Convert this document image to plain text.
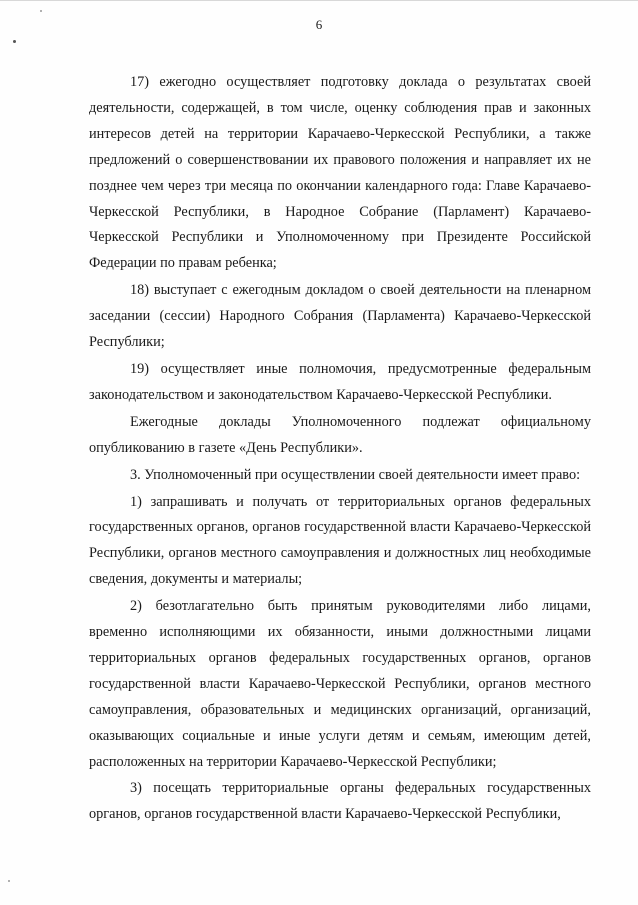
6

17) ежегодно осуществляет подготовку доклада о результатах своей деятельности, содержащей, в том числе, оценку соблюдения прав и законных интересов детей на территории Карачаево-Черкесской Республики, а также предложений о совершенствовании их правового положения и направляет их не позднее чем через три месяца по окончании календарного года: Главе Карачаево-Черкесской Республики, в Народное Собрание (Парламент) Карачаево-Черкесской Республики и Уполномоченному при Президенте Российской Федерации по правам ребенка;

18) выступает с ежегодным докладом о своей деятельности на пленарном заседании (сессии) Народного Собрания (Парламента) Карачаево-Черкесской Республики;

19) осуществляет иные полномочия, предусмотренные федеральным законодательством и законодательством Карачаево-Черкесской Республики.

Ежегодные доклады Уполномоченного подлежат официальному опубликованию в газете «День Республики».

3. Уполномоченный при осуществлении своей деятельности имеет право:

1) запрашивать и получать от территориальных органов федеральных государственных органов, органов государственной власти Карачаево-Черкесской Республики, органов местного самоуправления и должностных лиц необходимые сведения, документы и материалы;

2) безотлагательно быть принятым руководителями либо лицами, временно исполняющими их обязанности, иными должностными лицами территориальных органов федеральных государственных органов, органов государственной власти Карачаево-Черкесской Республики, органов местного самоуправления, образовательных и медицинских организаций, организаций, оказывающих социальные и иные услуги детям и семьям, имеющим детей, расположенных на территории Карачаево-Черкесской Республики;

3) посещать территориальные органы федеральных государственных органов, органов государственной власти Карачаево-Черкесской Республики,
